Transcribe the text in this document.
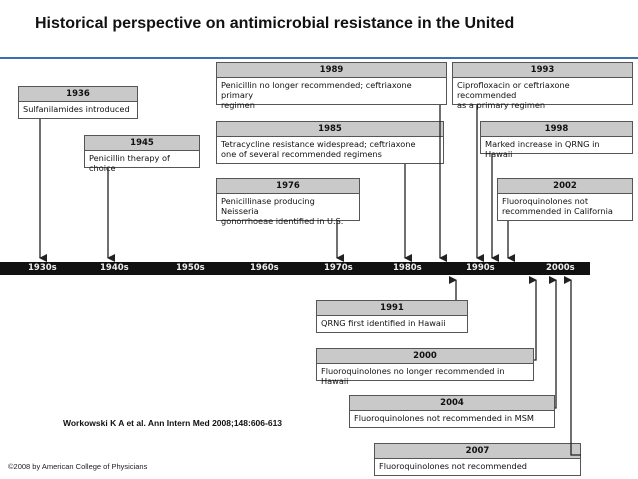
Historical perspective on antimicrobial resistance in the United
1936
Sulfanilamides introduced
1945
Penicillin therapy of choice
1976
Penicillinase producing Neisseria
gonorrhoeae identified in U.S.
1985
Tetracycline resistance widespread; ceftriaxone
one of several recommended regimens
1989
Penicillin no longer recommended; ceftriaxone primary
regimen
1993
Ciprofloxacin or ceftriaxone recommended
as a primary regimen
1998
Marked increase in QRNG in Hawaii
2002
Fluoroquinolones not
recommended in California
1930s	1940s	1950s	1960s	1970s	1980s	1990s	2000s
1991
QRNG first identified in Hawaii
2000
Fluoroquinolones no longer recommended in Hawaii
2004
Fluoroquinolones not recommended in MSM
2007
Fluoroquinolones not recommended
Workowski K A et al. Ann Intern Med 2008;148:606-613
©2008 by American College of Physicians
